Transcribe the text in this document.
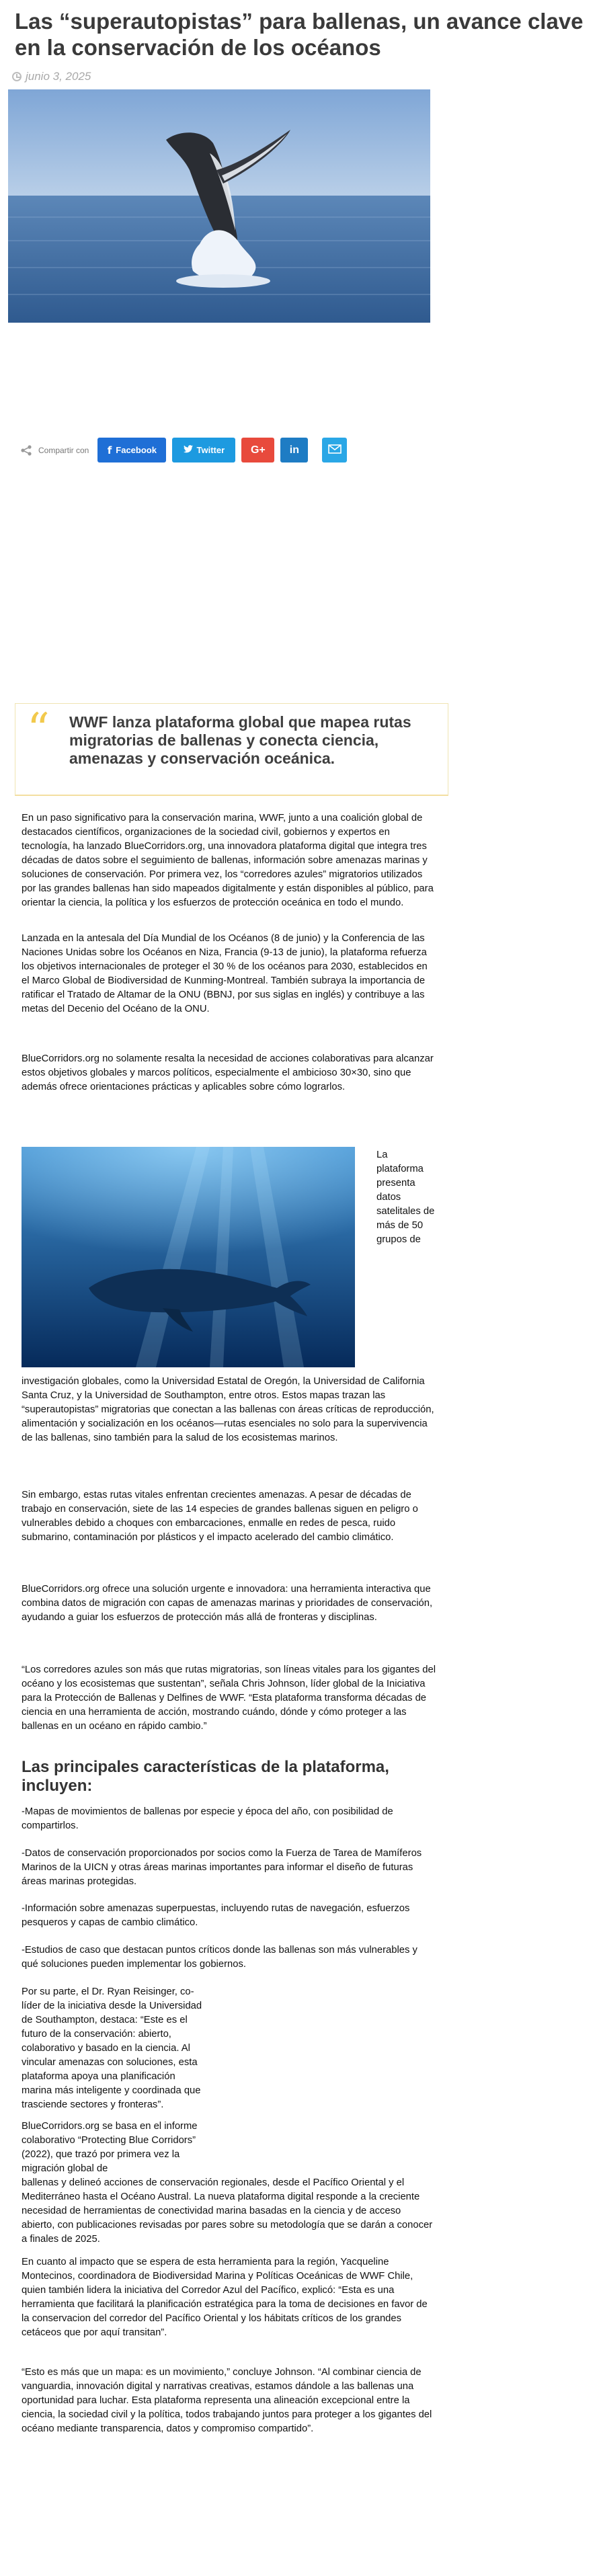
Las “superautopistas” para ballenas, un avance clave en la conservación de los océanos
junio 3, 2025
Compartir con f Facebook	Twitter G+ in
“ WWF lanza plataforma global que mapea rutas migratorias de ballenas y conecta ciencia, amenazas y conservación oceánica.

En un paso significativo para la conservación marina, WWF, junto a una coalición global de destacados científicos, organizaciones de la sociedad civil, gobiernos y expertos en tecnología, ha lanzado BlueCorridors.org, una innovadora plataforma digital que integra tres décadas de datos sobre el seguimiento de ballenas, información sobre amenazas marinas y soluciones de conservación. Por primera vez, los “corredores azules” migratorios utilizados por las grandes ballenas han sido mapeados digitalmente y están disponibles al público, para orientar la ciencia, la política y los esfuerzos de protección oceánica en todo el mundo.

Lanzada en la antesala del Día Mundial de los Océanos (8 de junio) y la Conferencia de las Naciones Unidas sobre los Océanos en Niza, Francia (9-13 de junio), la plataforma refuerza los objetivos internacionales de proteger el 30 % de los océanos para 2030, establecidos en el Marco Global de Biodiversidad de Kunming-Montreal. También subraya la importancia de ratificar el Tratado de Altamar de la ONU (BBNJ, por sus siglas en inglés) y contribuye a las metas del Decenio del Océano de la ONU.

BlueCorridors.org no solamente resalta la necesidad de acciones colaborativas para alcanzar estos objetivos globales y marcos políticos, especialmente el ambicioso 30×30, sino que además ofrece orientaciones prácticas y aplicables sobre cómo lograrlos.

La plataforma presenta datos satelitales de más de 50 grupos de

investigación globales, como la Universidad Estatal de Oregón, la Universidad de California Santa Cruz, y la Universidad de Southampton, entre otros. Estos mapas trazan las “superautopistas” migratorias que conectan a las ballenas con áreas críticas de reproducción, alimentación y socialización en los océanos—rutas esenciales no solo para la supervivencia de las ballenas, sino también para la salud de los ecosistemas marinos.

Sin embargo, estas rutas vitales enfrentan crecientes amenazas. A pesar de décadas de trabajo en conservación, siete de las 14 especies de grandes ballenas siguen en peligro o vulnerables debido a choques con embarcaciones, enmalle en redes de pesca, ruido submarino, contaminación por plásticos y el impacto acelerado del cambio climático.

BlueCorridors.org ofrece una solución urgente e innovadora: una herramienta interactiva que combina datos de migración con capas de amenazas marinas y prioridades de conservación, ayudando a guiar los esfuerzos de protección más allá de fronteras y disciplinas.

“Los corredores azules son más que rutas migratorias, son líneas vitales para los gigantes del océano y los ecosistemas que sustentan”, señala Chris Johnson, líder global de la Iniciativa para la Protección de Ballenas y Delfines de WWF. “Esta plataforma transforma décadas de ciencia en una herramienta de acción, mostrando cuándo, dónde y cómo proteger a las ballenas en un océano en rápido cambio.”

Las principales características de la plataforma, incluyen:

-Mapas de movimientos de ballenas por especie y época del año, con posibilidad de compartirlos.

-Datos de conservación proporcionados por socios como la Fuerza de Tarea de Mamíferos Marinos de la UICN y otras áreas marinas importantes para informar el diseño de futuras áreas marinas protegidas.

-Información sobre amenazas superpuestas, incluyendo rutas de navegación, esfuerzos pesqueros y capas de cambio climático.

-Estudios de caso que destacan puntos críticos donde las ballenas son más vulnerables y qué soluciones pueden implementar los gobiernos.

Por su parte, el Dr. Ryan Reisinger, co-líder de la iniciativa desde la Universidad de Southampton, destaca: “Este es el futuro de la conservación: abierto, colaborativo y basado en la ciencia. Al vincular amenazas con soluciones, esta plataforma apoya una planificación marina más inteligente y coordinada que trasciende sectores y fronteras”.

BlueCorridors.org se basa en el informe colaborativo “Protecting Blue Corridors” (2022), que trazó por primera vez la migración global de

ballenas y delineó acciones de conservación regionales, desde el Pacífico Oriental y el Mediterráneo hasta el Océano Austral. La nueva plataforma digital responde a la creciente necesidad de herramientas de conectividad marina basadas en la ciencia y de acceso abierto, con publicaciones revisadas por pares sobre su metodología que se darán a conocer a finales de 2025.

En cuanto al impacto que se espera de esta herramienta para la región, Yacqueline Montecinos, coordinadora de Biodiversidad Marina y Políticas Oceánicas de WWF Chile, quien también lidera la iniciativa del Corredor Azul del Pacífico, explicó: “Esta es una herramienta que facilitará la planificación estratégica para la toma de decisiones en favor de la conservacion del corredor del Pacífico Oriental y los hábitats críticos de los grandes cetáceos que por aquí transitan”.

“Esto es más que un mapa: es un movimiento,” concluye Johnson. “Al combinar ciencia de vanguardia, innovación digital y narrativas creativas, estamos dándole a las ballenas una oportunidad para luchar. Esta plataforma representa una alineación excepcional entre la ciencia, la sociedad civil y la política, todos trabajando juntos para proteger a los gigantes del océano mediante transparencia, datos y compromiso compartido”.
